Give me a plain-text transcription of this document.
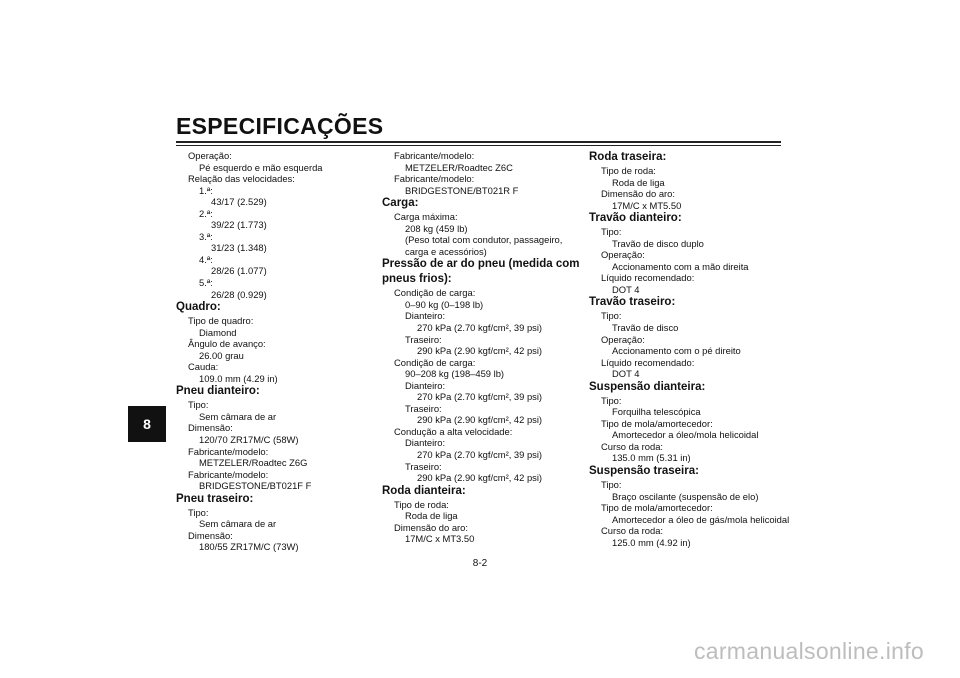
ESPECIFICAÇÕES
8
Operação:
Pé esquerdo e mão esquerda
Relação das velocidades:
1.ª:
43/17 (2.529)
2.ª:
39/22 (1.773)
3.ª:
31/23 (1.348)
4.ª:
28/26 (1.077)
5.ª:
26/28 (0.929)
Quadro:
Tipo de quadro:
Diamond
Ângulo de avanço:
26.00 grau
Cauda:
109.0 mm (4.29 in)
Pneu dianteiro:
Tipo:
Sem câmara de ar
Dimensão:
120/70 ZR17M/C (58W)
Fabricante/modelo:
METZELER/Roadtec Z6G
Fabricante/modelo:
BRIDGESTONE/BT021F F
Pneu traseiro:
Tipo:
Sem câmara de ar
Dimensão:
180/55 ZR17M/C (73W)
Fabricante/modelo:
METZELER/Roadtec Z6C
Fabricante/modelo:
BRIDGESTONE/BT021R F
Carga:
Carga máxima:
208 kg (459 lb)
(Peso total com condutor, passageiro, carga e acessórios)
Pressão de ar do pneu (medida com pneus frios):
Condição de carga:
0–90 kg (0–198 lb)
Dianteiro:
270 kPa (2.70 kgf/cm², 39 psi)
Traseiro:
290 kPa (2.90 kgf/cm², 42 psi)
Condição de carga:
90–208 kg (198–459 lb)
Dianteiro:
270 kPa (2.70 kgf/cm², 39 psi)
Traseiro:
290 kPa (2.90 kgf/cm², 42 psi)
Condução a alta velocidade:
Dianteiro:
270 kPa (2.70 kgf/cm², 39 psi)
Traseiro:
290 kPa (2.90 kgf/cm², 42 psi)
Roda dianteira:
Tipo de roda:
Roda de liga
Dimensão do aro:
17M/C x MT3.50
Roda traseira:
Tipo de roda:
Roda de liga
Dimensão do aro:
17M/C x MT5.50
Travão dianteiro:
Tipo:
Travão de disco duplo
Operação:
Accionamento com a mão direita
Líquido recomendado:
DOT 4
Travão traseiro:
Tipo:
Travão de disco
Operação:
Accionamento com o pé direito
Líquido recomendado:
DOT 4
Suspensão dianteira:
Tipo:
Forquilha telescópica
Tipo de mola/amortecedor:
Amortecedor a óleo/mola helicoidal
Curso da roda:
135.0 mm (5.31 in)
Suspensão traseira:
Tipo:
Braço oscilante (suspensão de elo)
Tipo de mola/amortecedor:
Amortecedor a óleo de gás/mola helicoidal
Curso da roda:
125.0 mm (4.92 in)
8-2
carmanualsonline.info
